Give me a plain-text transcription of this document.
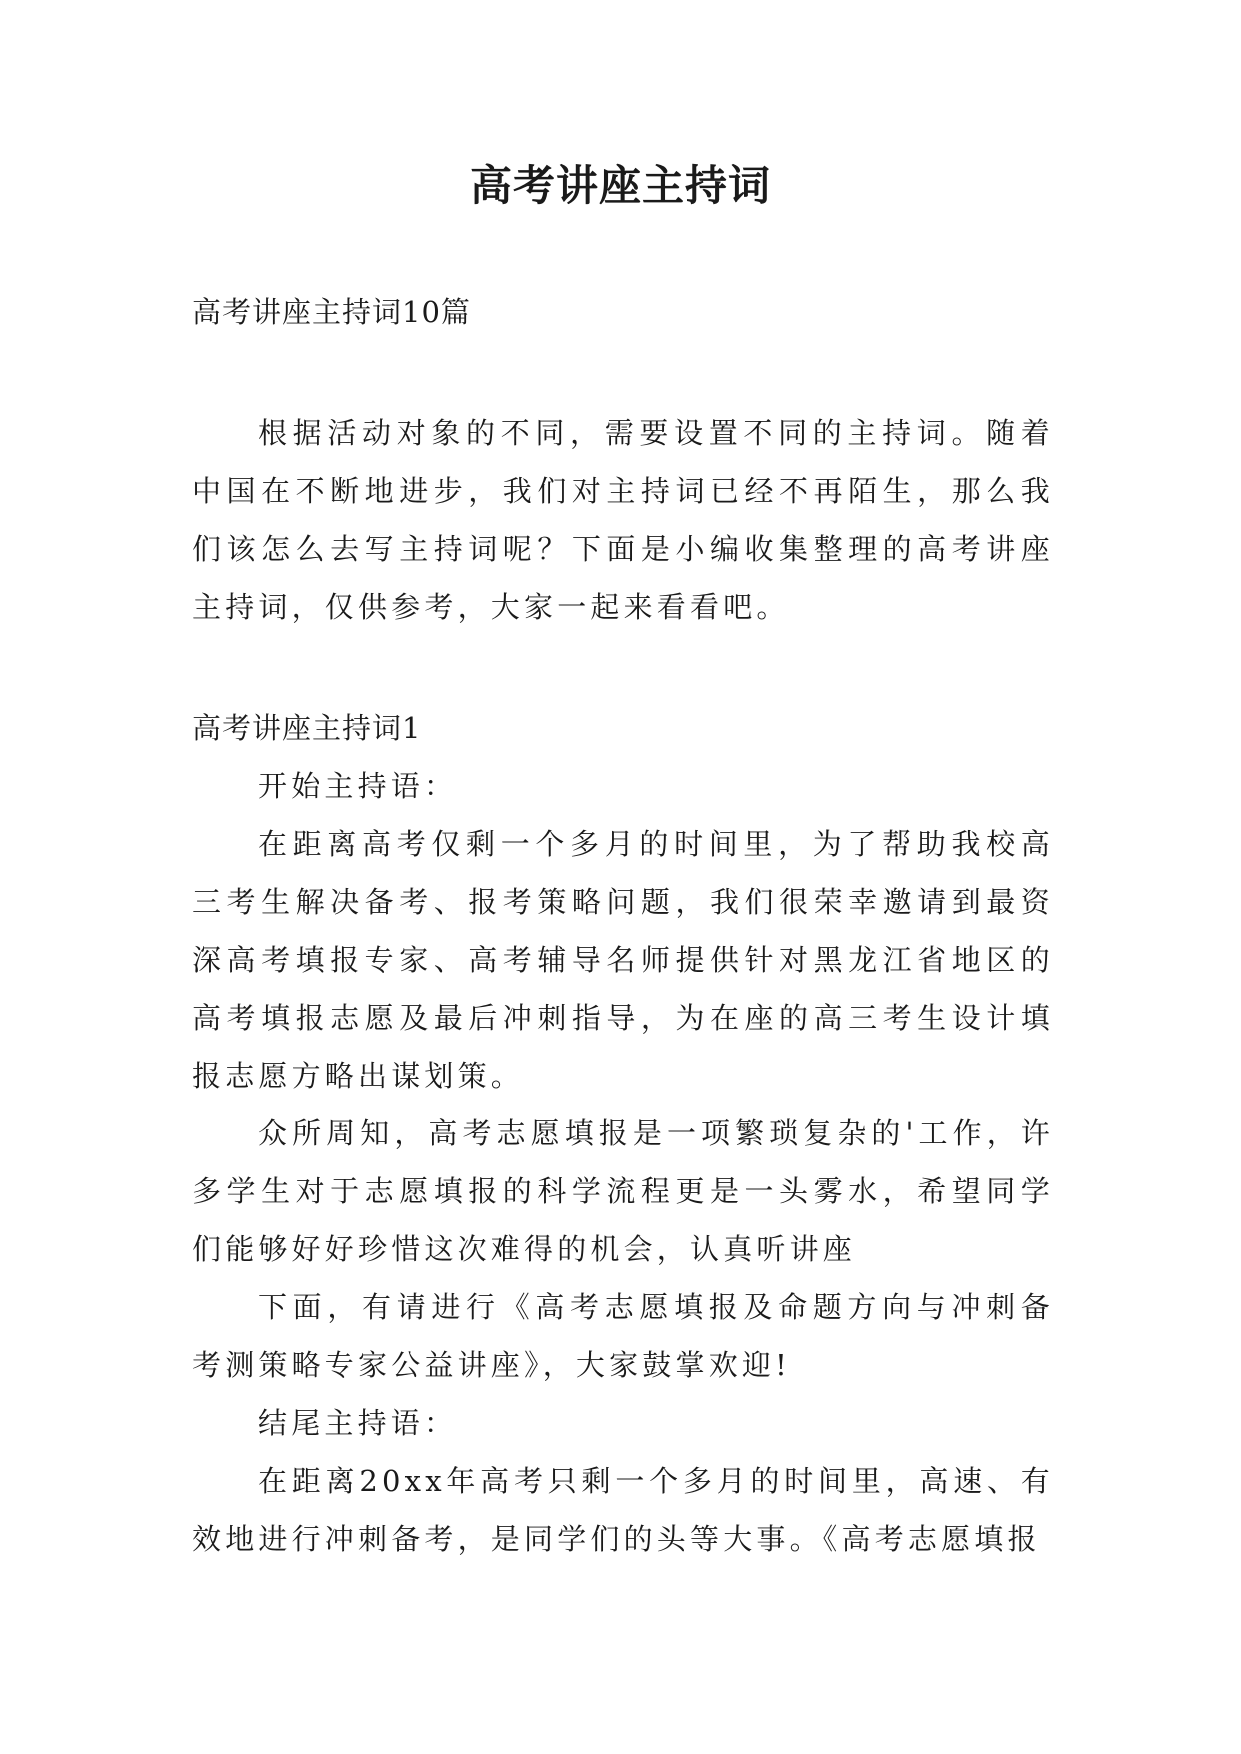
高考讲座主持词

高考讲座主持词10篇

根据活动对象的不同，需要设置不同的主持词。随着中国在不断地进步，我们对主持词已经不再陌生，那么我们该怎么去写主持词呢？下面是小编收集整理的高考讲座主持词，仅供参考，大家一起来看看吧。

高考讲座主持词1

开始主持语：

在距离高考仅剩一个多月的时间里，为了帮助我校高三考生解决备考、报考策略问题，我们很荣幸邀请到最资深高考填报专家、高考辅导名师提供针对黑龙江省地区的高考填报志愿及最后冲刺指导，为在座的高三考生设计填报志愿方略出谋划策。

众所周知，高考志愿填报是一项繁琐复杂的'工作，许多学生对于志愿填报的科学流程更是一头雾水，希望同学们能够好好珍惜这次难得的机会，认真听讲座

下面，有请进行《高考志愿填报及命题方向与冲刺备考测策略专家公益讲座》，大家鼓掌欢迎!

结尾主持语：

在距离20xx年高考只剩一个多月的时间里，高速、有效地进行冲刺备考，是同学们的头等大事。《高考志愿填报
